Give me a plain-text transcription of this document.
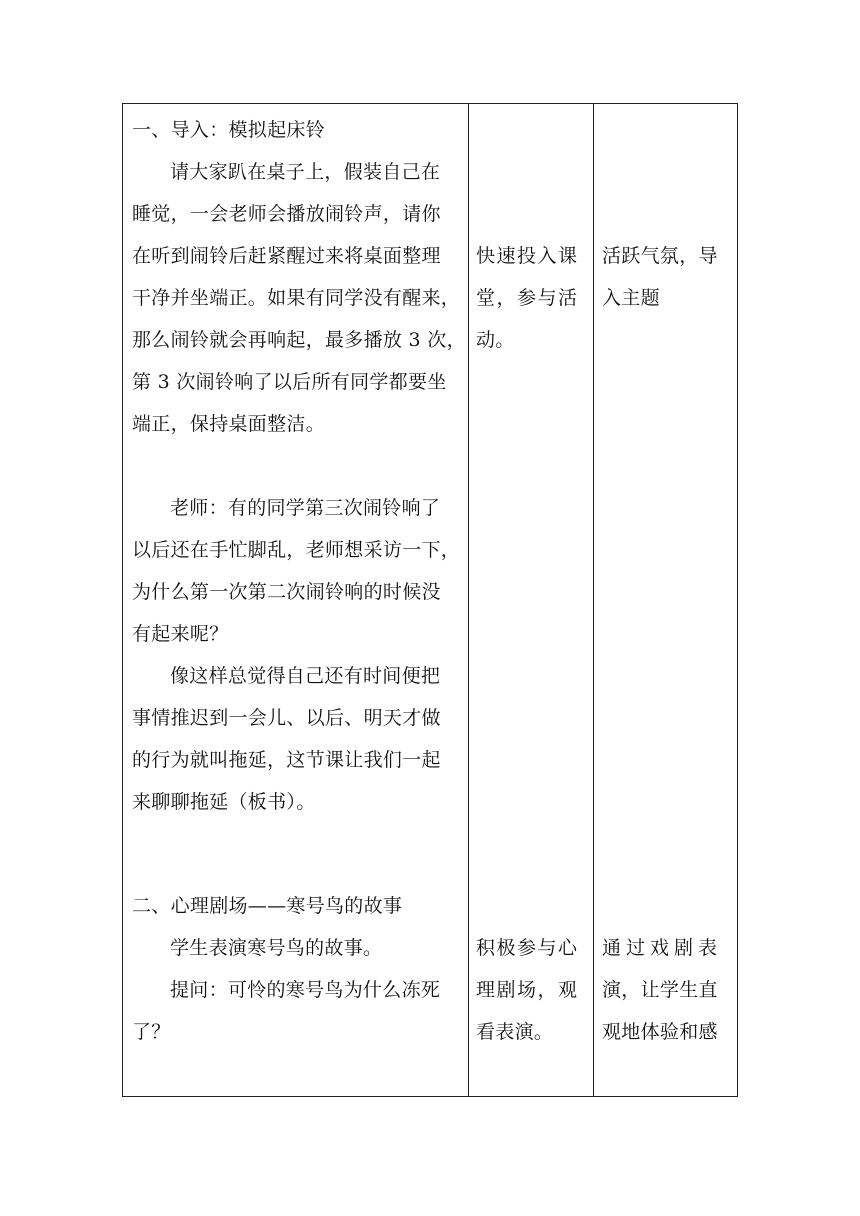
一、导入：模拟起床铃
请大家趴在桌子上，假装自己在
睡觉，一会老师会播放闹铃声，请你
在听到闹铃后赶紧醒过来将桌面整理
干净并坐端正。如果有同学没有醒来，
那么闹铃就会再响起，最多播放 3 次，
第 3 次闹铃响了以后所有同学都要坐
端正，保持桌面整洁。
老师：有的同学第三次闹铃响了
以后还在手忙脚乱，老师想采访一下，
为什么第一次第二次闹铃响的时候没
有起来呢？
像这样总觉得自己还有时间便把
事情推迟到一会儿、以后、明天才做
的行为就叫拖延，这节课让我们一起
来聊聊拖延（板书）。
二、心理剧场——寒号鸟的故事
学生表演寒号鸟的故事。
提问：可怜的寒号鸟为什么冻死
了？
快速投入课
堂，参与活
动。
积极参与心
理剧场，观
看表演。
活跃气氛，导
入主题
通过戏剧表
演，让学生直
观地体验和感
